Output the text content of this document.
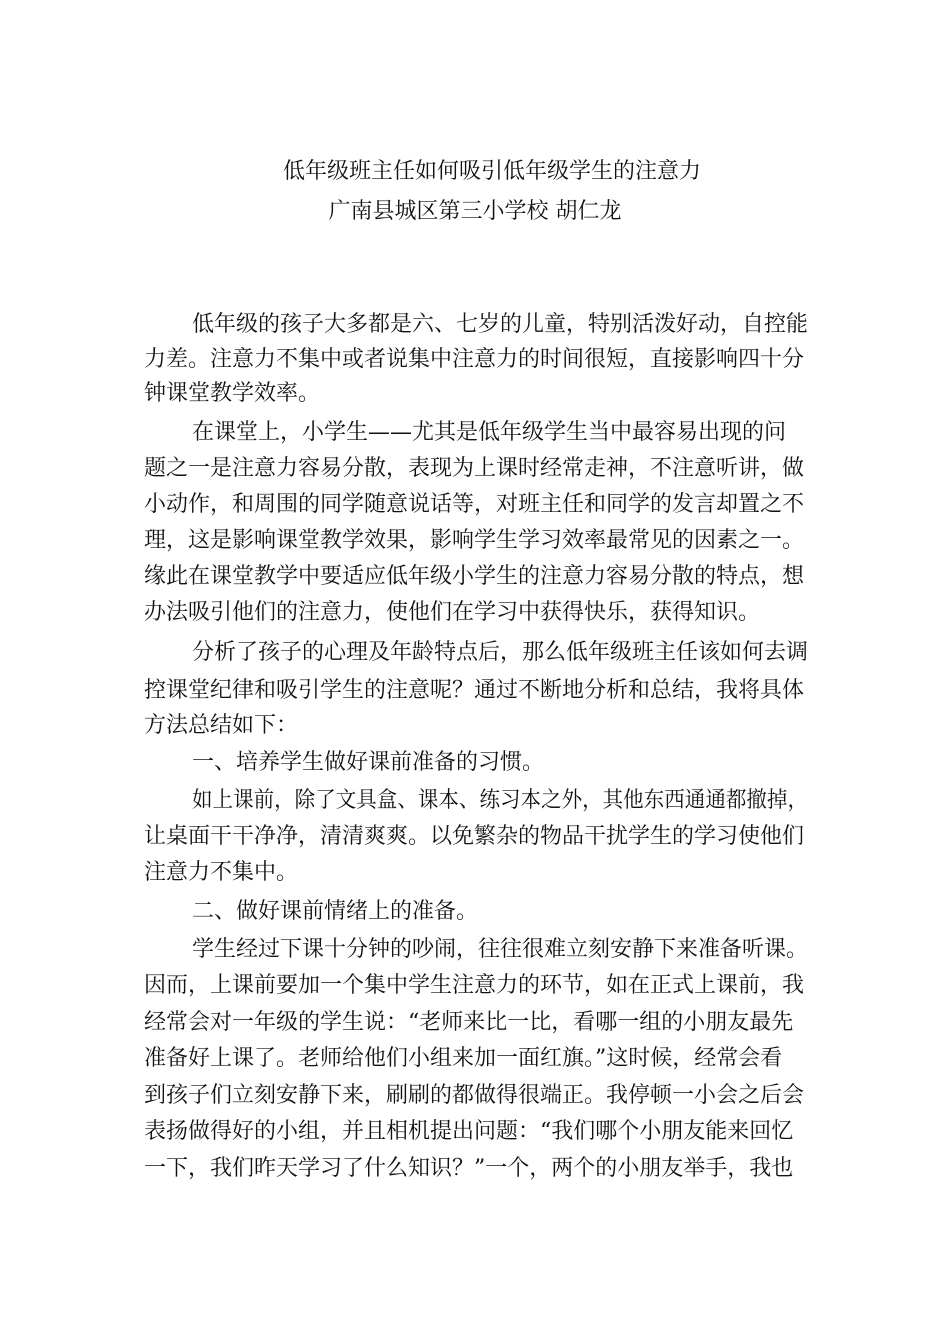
低年级班主任如何吸引低年级学生的注意力
广南县城区第三小学校 胡仁龙
低年级的孩子大多都是六、七岁的儿童，特别活泼好动，自控能
力差。注意力不集中或者说集中注意力的时间很短，直接影响四十分
钟课堂教学效率。
在课堂上，小学生——尤其是低年级学生当中最容易出现的问
题之一是注意力容易分散，表现为上课时经常走神，不注意听讲，做
小动作，和周围的同学随意说话等，对班主任和同学的发言却置之不
理，这是影响课堂教学效果，影响学生学习效率最常见的因素之一。
缘此在课堂教学中要适应低年级小学生的注意力容易分散的特点，想
办法吸引他们的注意力，使他们在学习中获得快乐，获得知识。
分析了孩子的心理及年龄特点后，那么低年级班主任该如何去调
控课堂纪律和吸引学生的注意呢？通过不断地分析和总结，我将具体
方法总结如下：
一、培养学生做好课前准备的习惯。
如上课前，除了文具盒、课本、练习本之外，其他东西通通都撤掉，
让桌面干干净净，清清爽爽。以免繁杂的物品干扰学生的学习使他们
注意力不集中。
二、做好课前情绪上的准备。
学生经过下课十分钟的吵闹，往往很难立刻安静下来准备听课。
因而，上课前要加一个集中学生注意力的环节，如在正式上课前，我
经常会对一年级的学生说：“老师来比一比，看哪一组的小朋友最先
准备好上课了。老师给他们小组来加一面红旗。”这时候，经常会看
到孩子们立刻安静下来，刷刷的都做得很端正。我停顿一小会之后会
表扬做得好的小组，并且相机提出问题：“我们哪个小朋友能来回忆
一下，我们昨天学习了什么知识？”一个，两个的小朋友举手，我也
